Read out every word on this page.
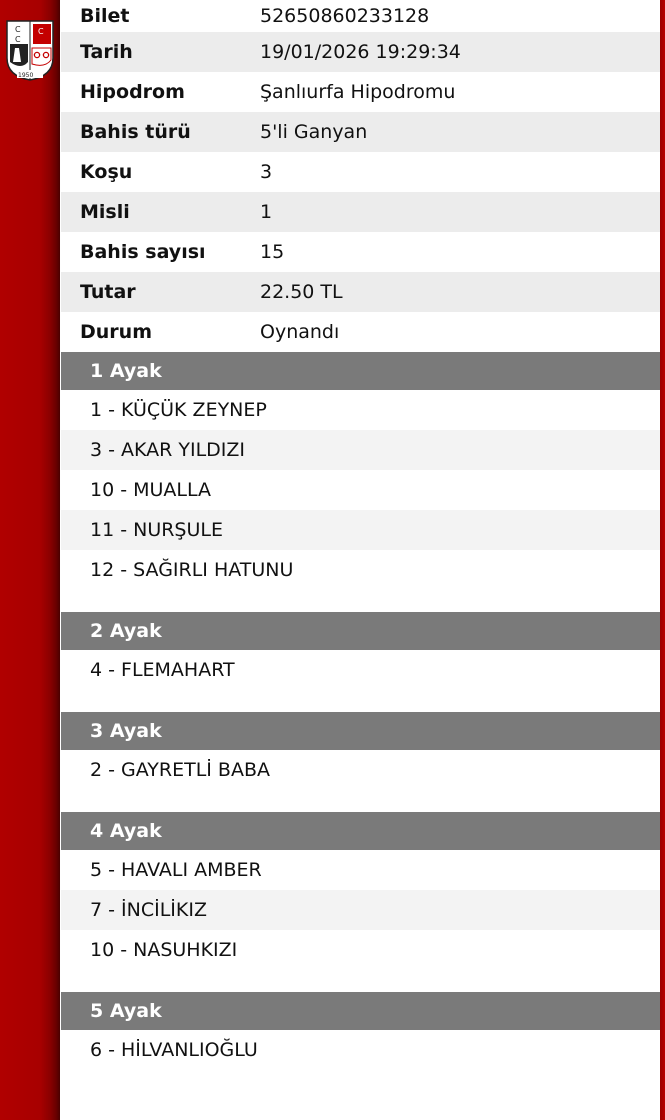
C
C
C
1950
Bilet	52650860233128
Tarih	19/01/2026 19:29:34
Hipodrom	Şanlıurfa Hipodromu
Bahis türü	5'li Ganyan
Koşu	3
Misli	1
Bahis sayısı	15
Tutar	22.50 TL
Durum	Oynandı
1 Ayak
1 - KÜÇÜK ZEYNEP
3 - AKAR YILDIZI
10 - MUALLA
11 - NURŞULE
12 - SAĞIRLI HATUNU
2 Ayak
4 - FLEMAHART
3 Ayak
2 - GAYRETLİ BABA
4 Ayak
5 - HAVALI AMBER
7 - İNCİLİKIZ
10 - NASUHKIZI
5 Ayak
6 - HİLVANLIOĞLU
